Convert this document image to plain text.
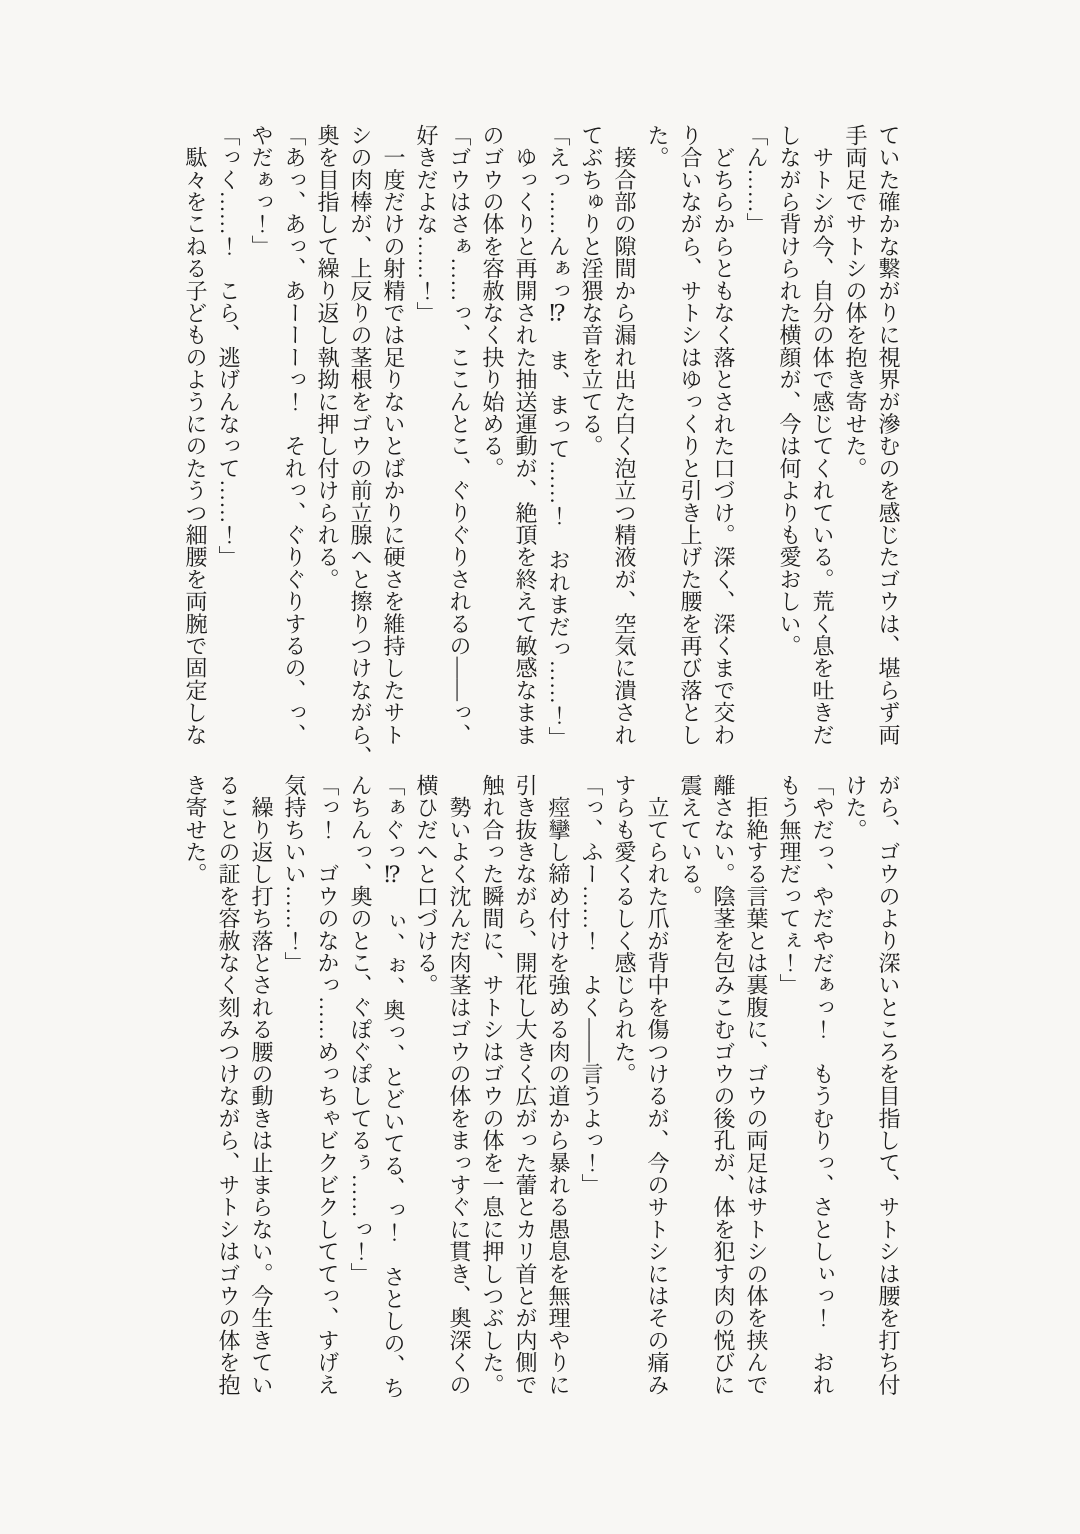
ていた確かな繋がりに視界が滲むのを感じたゴウは、堪らず両
手両足でサトシの体を抱き寄せた。
　サトシが今、自分の体で感じてくれている。荒く息を吐きだ
しながら背けられた横顔が、今は何よりも愛おしい。
「ん……」
　どちらからともなく落とされた口づけ。深く、深くまで交わ
り合いながら、サトシはゆっくりと引き上げた腰を再び落とし
た。
　接合部の隙間から漏れ出た白く泡立つ精液が、空気に潰され
てぶちゅりと淫猥な音を立てる。
「えっ……んぁっ⁉　ま、まって……！　おれまだっ……！」
　ゆっくりと再開された抽送運動が、絶頂を終えて敏感なまま
のゴウの体を容赦なく抉り始める。
「ゴウはさぁ……っ、ここんとこ、ぐりぐりされるの――っ、
好きだよな……！」
　一度だけの射精では足りないとばかりに硬さを維持したサト
シの肉棒が、上反りの茎根をゴウの前立腺へと擦りつけながら、
奥を目指して繰り返し執拗に押し付けられる。
「あっ、あっ、あーーーっ！　それっ、ぐりぐりするの、っ、
やだぁっ！」
「っく……！　こら、逃げんなって……！」
　駄々をこねる子どものようにのたうつ細腰を両腕で固定しな
がら、ゴウのより深いところを目指して、サトシは腰を打ち付
けた。
「やだっ、やだやだぁっ！　もうむりっ、さとしぃっ！　おれ
もう無理だってぇ！」
　拒絶する言葉とは裏腹に、ゴウの両足はサトシの体を挟んで
離さない。陰茎を包みこむゴウの後孔が、体を犯す肉の悦びに
震えている。
　立てられた爪が背中を傷つけるが、今のサトシにはその痛み
すらも愛くるしく感じられた。
「っ、ふー……！　よく――言うよっ！」
　痙攣し締め付けを強める肉の道から暴れる愚息を無理やりに
引き抜きながら、開花し大きく広がった蕾とカリ首とが内側で
触れ合った瞬間に、サトシはゴウの体を一息に押しつぶした。
　勢いよく沈んだ肉茎はゴウの体をまっすぐに貫き、奥深くの
横ひだへと口づける。
「ぁぐっ⁉　ぃ、ぉ、奥っ、とどいてる、っ！　さとしの、ち
んちんっ、奥のとこ、ぐぽぐぽしてるぅ……っ！」
「っ！　ゴウのなかっ……めっちゃビクビクしててっ、すげえ
気持ちいい……！」
　繰り返し打ち落とされる腰の動きは止まらない。今生きてい
ることの証を容赦なく刻みつけながら、サトシはゴウの体を抱
き寄せた。
